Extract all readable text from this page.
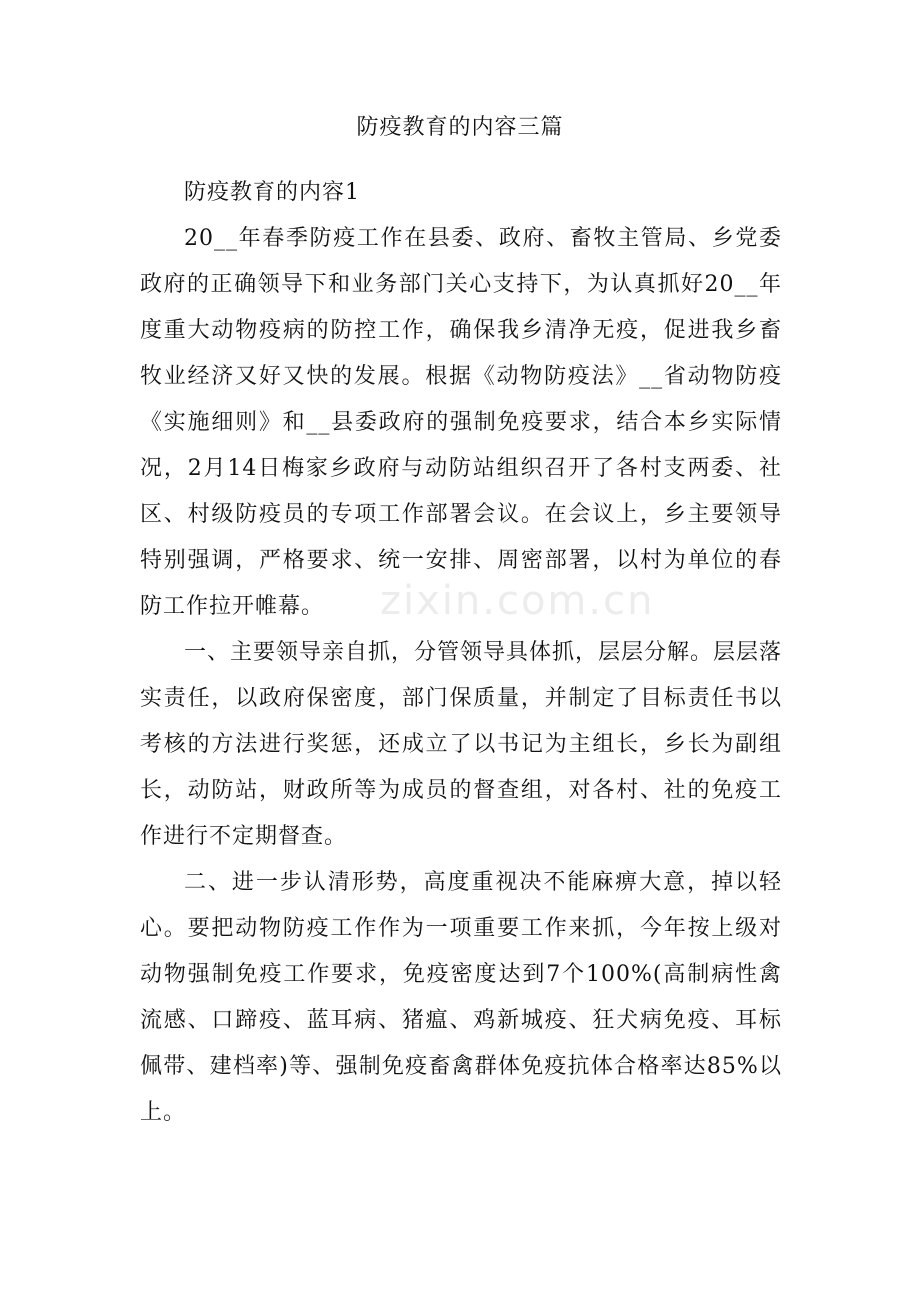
防疫教育的内容三篇

防疫教育的内容1

20__年春季防疫工作在县委、政府、畜牧主管局、乡党委政府的正确领导下和业务部门关心支持下，为认真抓好20__年度重大动物疫病的防控工作，确保我乡清净无疫，促进我乡畜牧业经济又好又快的发展。根据《动物防疫法》__省动物防疫《实施细则》和__县委政府的强制免疫要求，结合本乡实际情况，2月14日梅家乡政府与动防站组织召开了各村支两委、社区、村级防疫员的专项工作部署会议。在会议上，乡主要领导特别强调，严格要求、统一安排、周密部署，以村为单位的春防工作拉开帷幕。

一、主要领导亲自抓，分管领导具体抓，层层分解。层层落实责任，以政府保密度，部门保质量，并制定了目标责任书以考核的方法进行奖惩，还成立了以书记为主组长，乡长为副组长，动防站，财政所等为成员的督查组，对各村、社的免疫工作进行不定期督查。

二、进一步认清形势，高度重视决不能麻痹大意，掉以轻心。要把动物防疫工作作为一项重要工作来抓，今年按上级对动物强制免疫工作要求，免疫密度达到7个100%(高制病性禽流感、口蹄疫、蓝耳病、猪瘟、鸡新城疫、狂犬病免疫、耳标佩带、建档率)等、强制免疫畜禽群体免疫抗体合格率达85%以上。

zixin.com.cn
